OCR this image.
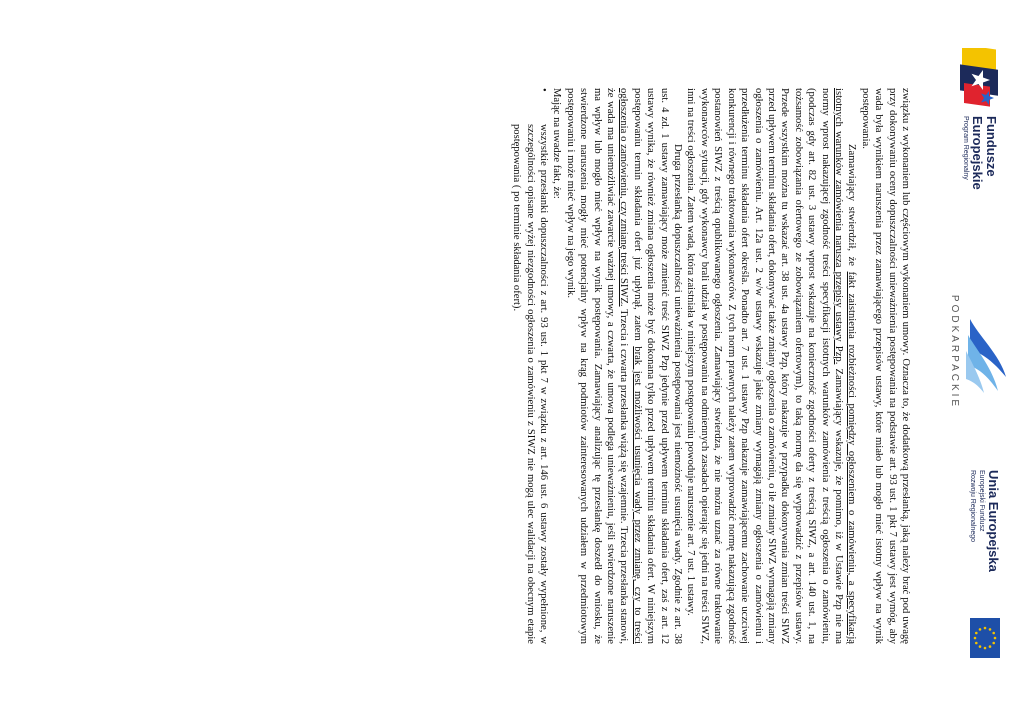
Fundusze
Europejskie
Program Regionalny
PODKARPACKIE
Unia Europejska
Europejski Fundusz
Rozwoju Regionalnego

związku z wykonaniem lub częściowym wykonaniem umowy. Oznacza to, że dodatkową przesłanką, jaką należy brać pod uwagę przy dokonywaniu oceny dopuszczalności unieważnienia postępowania na podstawie art. 93 ust. 1 pkt 7 ustawy jest wymóg, aby wada była wynikiem naruszenia przez zamawiającego przepisów ustawy, które miało lub mogło mieć istotny wpływ na wynik postępowania.

Zamawiający stwierdził, że fakt zaistnienia rozbieżności pomiędzy ogłoszeniem o zamówieniu, a specyfikacją istotnych warunków zamówienia narusza przepisy ustawy Pzp. Zamawiający wskazuje, że pomimo, iż w Ustawie Pzp nie ma normy wprost nakazującej zgodność treści specyfikacji istotnych warunków zamówienia z treścią ogłoszenia o zamówieniu, (podczas gdy art. 82 ust. 3 ustawy wprost wskazuje na konieczność zgodności oferty z treścią SIWZ, a art. 140 ust. 1, na tożsamość zobowiązania ofertowego ze zobowiązaniem ofertowym), to taką normę da się wyprowadzić z przepisów ustawy. Przede wszystkim można tu wskazać art. 38 ust. 4a ustawy Pzp, który nakazuje w przypadku dokonywania zmian treści SIWZ przed upływem terminu składania ofert, dokonywać także zmiany ogłoszenia o zamówieniu, o ile zmiany SIWZ wymagają zmiany ogłoszenia o zamówieniu. Art. 12a ust. 2 w/w ustawy wskazuje jakie zmiany wymagają zmiany ogłoszenia o zamówieniu i przedłużenia terminu składania ofert określa. Ponadto art. 7 ust. 1 ustawy Pzp nakazuje zamawiającemu zachowanie uczciwej konkurencji i równego traktowania wykonawców. Z tych norm prawnych należy zatem wyprowadzić normę nakazującą zgodność postanowień SIWZ z treścią opublikowanego ogłoszenia. Zamawiający stwierdza, że nie można uznać za równe traktowanie wykonawców sytuacji, gdy wykonawcy brali udział w postępowaniu na odmiennych zasadach opierając się jedni na treści SIWZ, inni na treści ogłoszenia. Zatem wada, która zaistniała w niniejszym postępowaniu powoduje naruszenie art. 7 ust. 1 ustawy.

Druga przesłanką dopuszczalności unieważnienia postępowania jest niemożność usunięcia wady. Zgodnie z art. 38 ust. 4 zd. 1 ustawy zamawiający może zmienić treść SIWZ Pzp jedynie przed upływem terminu składania ofert, zaś z art. 12 ustawy wynika, że również zmiana ogłoszenia może być dokonana tylko przed upływem terminu składania ofert. W niniejszym postępowaniu termin składania ofert już upłynął, zatem brak jest możliwości usunięcia wady przez zmianę, czy to treści ogłoszenia o zamówieniu, czy zmianę treści SIWZ. Trzecia i czwarta przesłanka wiążą się wzajemnie. Trzecia przesłanka stanowi, że wada ma uniemożliwiać zawarcie ważnej umowy, a czwarta, że umowa podlega unieważnieniu, jeśli stwierdzone naruszenie ma wpływ lub mogło mieć wpływ na wynik postępowania. Zamawiający analizując tę przesłankę doszedł do wniosku, że stwierdzone naruszenia mogły mieć potencjalny wpływ na krąg podmiotów zainteresowanych udziałem w przedmiotowym postępowaniu i może mieć wpływ na jego wynik.

Mając na uwadze fakt, że:

•
wszystkie przesłanki dopuszczalności z art. 93 ust. 1 pkt 7 w związku z art. 146 ust. 6 ustawy zostały wypełnione, w szczególności opisane wyżej niezgodności ogłoszenia o zamówieniu z SIWZ nie mogą ulec walidacji na obecnym etapie postępowania ( po terminie składania ofert).
